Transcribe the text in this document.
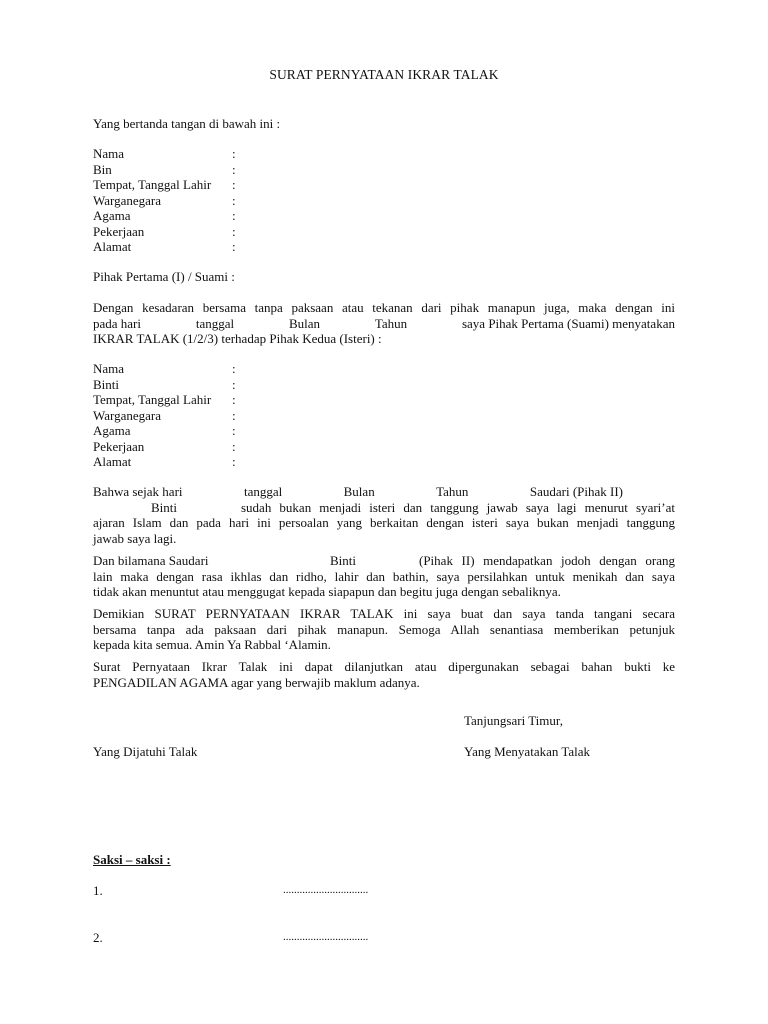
SURAT PERNYATAAN IKRAR TALAK
Yang bertanda tangan di bawah ini :
Nama	:
Bin	:
Tempat, Tanggal Lahir :
Warganegara	:
Agama	:
Pekerjaan	:
Alamat	:
Pihak Pertama (I) / Suami :
Dengan kesadaran bersama tanpa paksaan atau tekanan dari pihak manapun juga, maka dengan ini
pada hari	tanggal	Bulan	Tahun	saya Pihak Pertama (Suami) menyatakan
IKRAR TALAK (1/2/3) terhadap Pihak Kedua (Isteri) :
Nama	:
Binti	:
Tempat, Tanggal Lahir :
Warganegara	:
Agama	:
Pekerjaan	:
Alamat	:
Bahwa sejak hari	tanggal	Bulan	Tahun	Saudari (Pihak II)
Binti	sudah bukan menjadi isteri dan tanggung jawab saya lagi menurut syari’at
ajaran Islam dan pada hari ini persoalan yang berkaitan dengan isteri saya bukan menjadi tanggung
jawab saya lagi.
Dan bilamana Saudari	Binti	(Pihak II) mendapatkan jodoh dengan orang
lain maka dengan rasa ikhlas dan ridho, lahir dan bathin, saya persilahkan untuk menikah dan saya
tidak akan menuntut atau menggugat kepada siapapun dan begitu juga dengan sebaliknya.
Demikian SURAT PERNYATAAN IKRAR TALAK ini saya buat dan saya tanda tangani secara
bersama tanpa ada paksaan dari pihak manapun. Semoga Allah senantiasa memberikan petunjuk
kepada kita semua. Amin Ya Rabbal ‘Alamin.
Surat Pernyataan Ikrar Talak ini dapat dilanjutkan atau dipergunakan sebagai bahan bukti ke
PENGADILAN AGAMA agar yang berwajib maklum adanya.
Tanjungsari Timur,
Yang Dijatuhi Talak	Yang Menyatakan Talak
Saksi – saksi :
1.	...............................
2.	...............................
